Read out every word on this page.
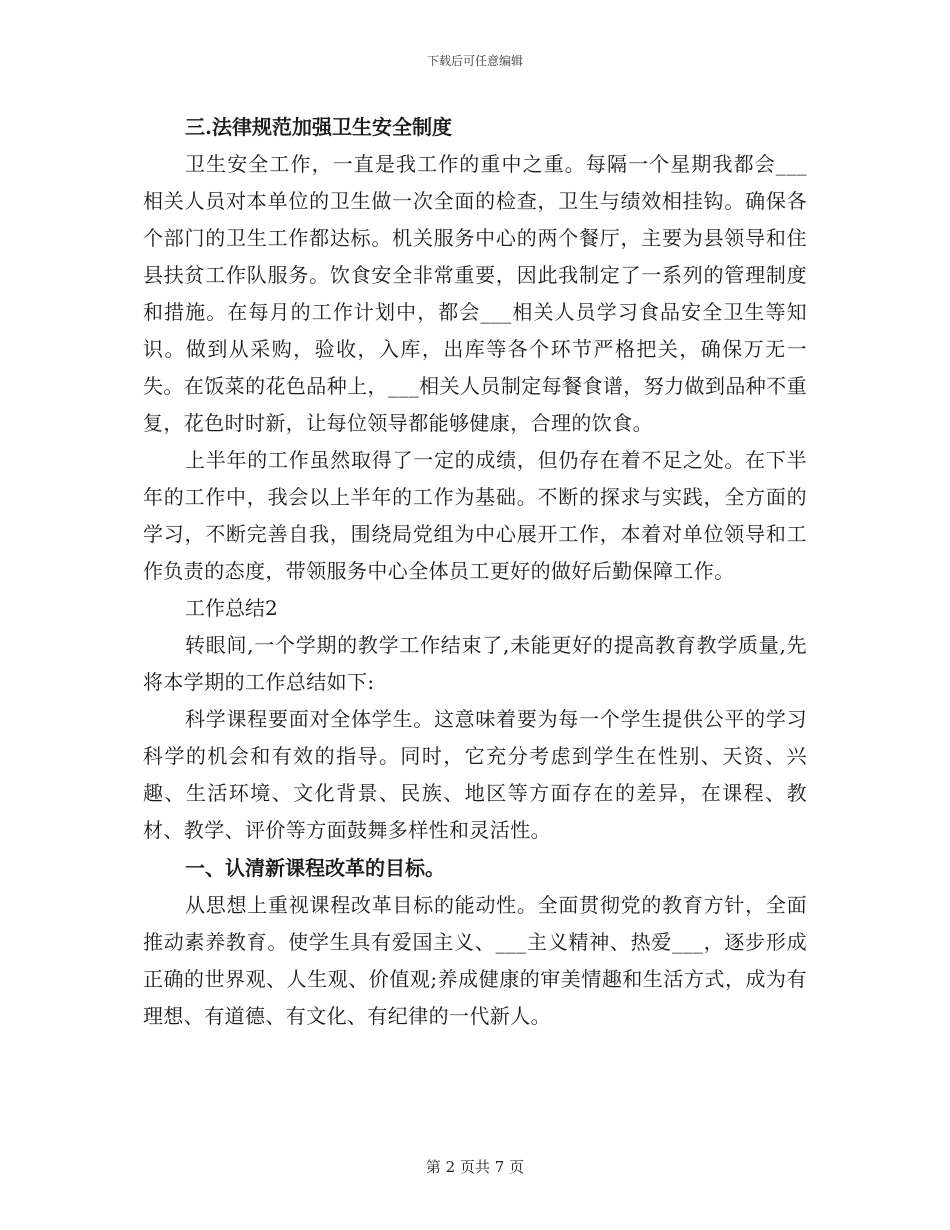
下载后可任意编辑

三.法律规范加强卫生安全制度

卫生安全工作，一直是我工作的重中之重。每隔一个星期我都会___相关人员对本单位的卫生做一次全面的检查，卫生与绩效相挂钩。确保各个部门的卫生工作都达标。机关服务中心的两个餐厅，主要为县领导和住县扶贫工作队服务。饮食安全非常重要，因此我制定了一系列的管理制度和措施。在每月的工作计划中，都会___相关人员学习食品安全卫生等知识。做到从采购，验收，入库，出库等各个环节严格把关，确保万无一失。在饭菜的花色品种上，___相关人员制定每餐食谱，努力做到品种不重复，花色时时新，让每位领导都能够健康，合理的饮食。

上半年的工作虽然取得了一定的成绩，但仍存在着不足之处。在下半年的工作中，我会以上半年的工作为基础。不断的探求与实践，全方面的学习，不断完善自我，围绕局党组为中心展开工作，本着对单位领导和工作负责的态度，带领服务中心全体员工更好的做好后勤保障工作。

工作总结2

转眼间,一个学期的教学工作结束了,未能更好的提高教育教学质量,先将本学期的工作总结如下:

科学课程要面对全体学生。这意味着要为每一个学生提供公平的学习科学的机会和有效的指导。同时，它充分考虑到学生在性别、天资、兴趣、生活环境、文化背景、民族、地区等方面存在的差异，在课程、教材、教学、评价等方面鼓舞多样性和灵活性。

一、认清新课程改革的目标。

从思想上重视课程改革目标的能动性。全面贯彻党的教育方针，全面推动素养教育。使学生具有爱国主义、___主义精神、热爱___，逐步形成正确的世界观、人生观、价值观;养成健康的审美情趣和生活方式，成为有理想、有道德、有文化、有纪律的一代新人。

第 2 页共 7 页
